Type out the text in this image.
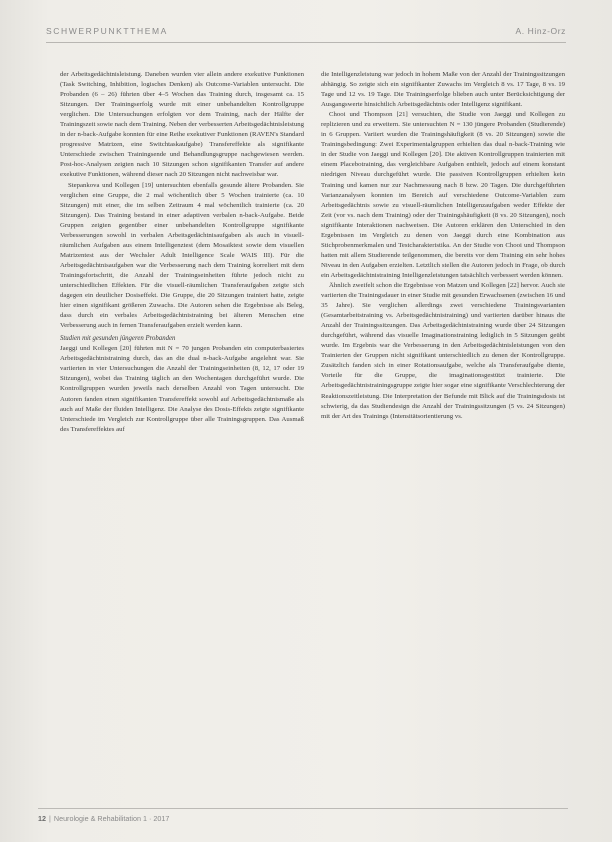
SCHWERPUNKTTHEMA	A. Hinz-Orz

der Arbeitsgedächtnisleistung. Daneben wurden vier allein andere exekutive Funktionen (Task Switching, Inhibition, logisches Denken) als Outcome-Variablen untersucht. Die Probanden (6 – 26) führten über 4–5 Wochen das Training durch, insgesamt ca. 15 Sitzungen. Der Trainingserfolg wurde mit einer unbehandelten Kontrollgruppe verglichen. Die Untersuchungen erfolgten vor dem Training, nach der Hälfte der Trainingszeit sowie nach dem Training. Neben der verbesserten Arbeitsgedächtnisleistung in der n-back-Aufgabe konnten für eine Reihe exekutiver Funktionen (RAVEN's Standard progressive Matrizen, eine Switchtaskaufgabe) Transfereffekte als signifikante Unterschiede zwischen Trainingsende und Behandlungsgruppe nachgewiesen werden. Post-hoc-Analysen zeigten nach 10 Sitzungen schon signifikanten Transfer auf andere exekutive Funktionen, während dieser nach 20 Sitzungen nicht nachweisbar war.

Stepankova und Kollegen [19] untersuchten ebenfalls gesunde ältere Probanden. Sie verglichen eine Gruppe, die 2 mal wöchentlich über 5 Wochen trainierte (ca. 10 Sitzungen) mit einer, die im selben Zeitraum 4 mal wöchentlich trainierte (ca. 20 Sitzungen). Das Training bestand in einer adaptiven verbalen n-back-Aufgabe. Beide Gruppen zeigten gegenüber einer unbehandelten Kontrollgruppe signifikante Verbesserungen sowohl in verbalen Arbeitsgedächtnisaufgaben als auch in visuell-räumlichen Aufgaben aus einem Intelligenztest (dem Mosaiktest sowie dem visuellen Matrizentest aus der Wechsler Adult Intelligence Scale WAIS III). Für die Arbeitsgedächtnisaufgaben war die Verbesserung nach dem Training korreliert mit dem Trainingsfortschritt, die Anzahl der Trainingseinheiten führte jedoch nicht zu unterschiedlichen Effekten. Für die visuell-räumlichen Transferaufgaben zeigte sich dagegen ein deutlicher Dosiseffekt. Die Gruppe, die 20 Sitzungen trainiert hatte, zeigte hier einen signifikant größeren Zuwachs. Die Autoren sehen die Ergebnisse als Beleg, dass durch ein verbales Arbeitsgedächtnistraining bei älteren Menschen eine Verbesserung auch in fernen Transferaufgaben erzielt werden kann.

Studien mit gesunden jüngeren Probanden

Jaeggi und Kollegen [20] führten mit N = 70 jungen Probanden ein computerbasiertes Arbeitsgedächtnistraining durch, das an die dual n-back-Aufgabe angelehnt war. Sie variierten in vier Untersuchungen die Anzahl der Trainingseinheiten (8, 12, 17 oder 19 Sitzungen), wobei das Training täglich an den Wochentagen durchgeführt wurde. Die Kontrollgruppen wurden jeweils nach derselben Anzahl von Tagen untersucht. Die Autoren fanden einen signifikanten Transfereffekt sowohl auf Arbeitsgedächtnismaße als auch auf Maße der fluiden Intelligenz. Die Analyse des Dosis-Effekts zeigte signifikante Unterschiede im Vergleich zur Kontrollgruppe über alle Trainingsgruppen. Das Ausmaß des Transfereffektes auf

die Intelligenzleistung war jedoch in hohem Maße von der Anzahl der Trainingssitzungen abhängig. So zeigte sich ein signifikanter Zuwachs im Vergleich 8 vs. 17 Tage, 8 vs. 19 Tage und 12 vs. 19 Tage. Die Trainingserfolge blieben auch unter Berücksichtigung der Ausgangswerte hinsichtlich Arbeitsgedächtnis oder Intelligenz signifikant.

Chooi und Thompson [21] versuchten, die Studie von Jaeggi und Kollegen zu replizieren und zu erweitern. Sie untersuchten N = 130 jüngere Probanden (Studierende) in 6 Gruppen. Variiert wurden die Trainingshäufigkeit (8 vs. 20 Sitzungen) sowie die Trainingsbedingung: Zwei Experimentalgruppen erhielten das dual n-back-Training wie in der Studie von Jaeggi und Kollegen [20]. Die aktiven Kontrollgruppen trainierten mit einem Placebotraining, das vergleichbare Aufgaben enthielt, jedoch auf einem konstant niedrigen Niveau durchgeführt wurde. Die passiven Kontrollgruppen erhielten kein Training und kamen nur zur Nachmessung nach 8 bzw. 20 Tagen. Die durchgeführten Varianzanalysen konnten im Bereich auf verschiedene Outcome-Variablen zum Arbeitsgedächtnis sowie zu visuell-räumlichen Intelligenzaufgaben weder Effekte der Zeit (vor vs. nach dem Training) oder der Trainingshäufigkeit (8 vs. 20 Sitzungen), noch signifikante Interaktionen nachweisen. Die Autoren erklären den Unterschied in den Ergebnissen im Vergleich zu denen von Jaeggi durch eine Kombination aus Stichprobenmerkmalen und Testcharakteristika. An der Studie von Chooi und Thompson hatten mit allem Studierende teilgenommen, die bereits vor dem Training ein sehr hohes Niveau in den Aufgaben erzielten. Letztlich stellen die Autoren jedoch in Frage, ob durch ein Arbeitsgedächtnistraining Intelligenzleistungen tatsächlich verbessert werden können.

Ähnlich zweifelt schon die Ergebnisse von Matzen und Kollegen [22] hervor. Auch sie variierten die Trainingsdauer in einer Studie mit gesunden Erwachsenen (zwischen 16 und 35 Jahre). Sie verglichen allerdings zwei verschiedene Trainingsvarianten (Gesamtarbeitstraining vs. Arbeitsgedächtnistraining) und variierten darüber hinaus die Anzahl der Trainingssitzungen. Das Arbeitsgedächtnistraining wurde über 24 Sitzungen durchgeführt, während das visuelle Imaginationstraining lediglich in 5 Sitzungen geübt wurde. Im Ergebnis war die Verbesserung in den Arbeitsgedächtnisleistungen von den Trainierten der Gruppen nicht signifikant unterschiedlich zu denen der Kontrollgruppe. Zusätzlich fanden sich in einer Rotationsaufgabe, welche als Transferaufgabe diente, Vorteile für die Gruppe, die imaginationsgestützt trainierte. Die Arbeitsgedächtnistrainingsgruppe zeigte hier sogar eine signifikante Verschlechterung der Reaktionszeitleistung. Die Interpretation der Befunde mit Blick auf die Trainingsdosis ist schwierig, da das Studiendesign die Anzahl der Trainingssitzungen (5 vs. 24 Sitzungen) mit der Art des Trainings (Intensitätsorientierung vs.

12 | Neurologie & Rehabilitation 1 · 2017
